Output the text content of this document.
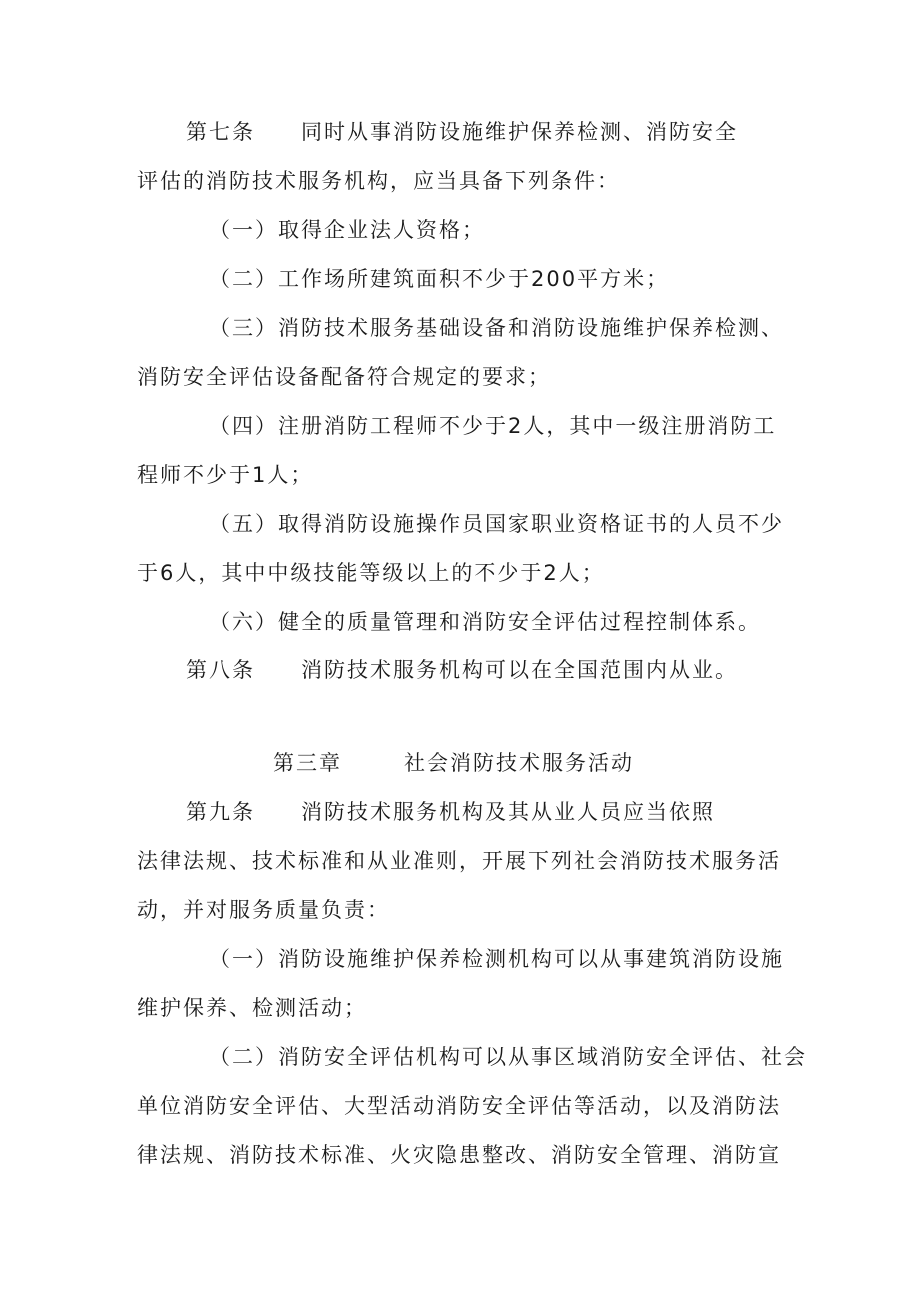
第七条 同时从事消防设施维护保养检测、消防安全
评估的消防技术服务机构，应当具备下列条件：
（一）取得企业法人资格；
（二）工作场所建筑面积不少于200平方米；
（三）消防技术服务基础设备和消防设施维护保养检测、
消防安全评估设备配备符合规定的要求；
（四）注册消防工程师不少于2人，其中一级注册消防工
程师不少于1人；
（五）取得消防设施操作员国家职业资格证书的人员不少
于6人，其中中级技能等级以上的不少于2人；
（六）健全的质量管理和消防安全评估过程控制体系。
第八条 消防技术服务机构可以在全国范围内从业。
第三章	社会消防技术服务活动
第九条 消防技术服务机构及其从业人员应当依照
法律法规、技术标准和从业准则，开展下列社会消防技术服务活
动，并对服务质量负责：
（一）消防设施维护保养检测机构可以从事建筑消防设施
维护保养、检测活动；
（二）消防安全评估机构可以从事区域消防安全评估、社会
单位消防安全评估、大型活动消防安全评估等活动，以及消防法
律法规、消防技术标准、火灾隐患整改、消防安全管理、消防宣
